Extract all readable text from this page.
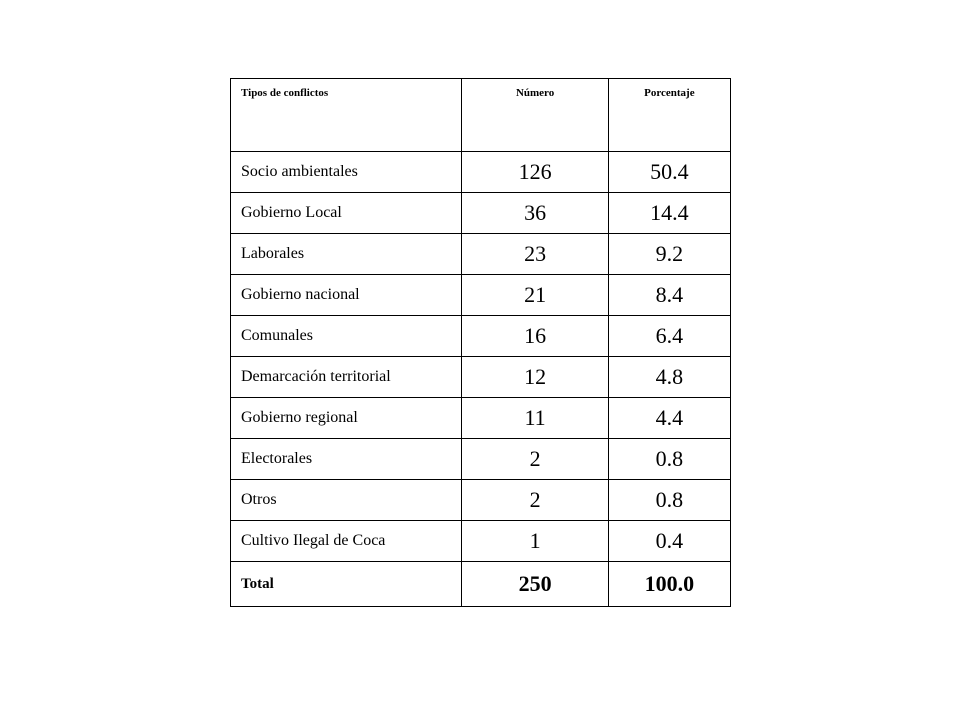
Tipos de conflictos	Número	Porcentaje
Socio ambientales	126	50.4
Gobierno Local	36	14.4
Laborales	23	9.2
Gobierno nacional	21	8.4
Comunales	16	6.4
Demarcación territorial	12	4.8
Gobierno regional	11	4.4
Electorales	2	0.8
Otros	2	0.8
Cultivo Ilegal de Coca	1	0.4
Total	250	100.0
